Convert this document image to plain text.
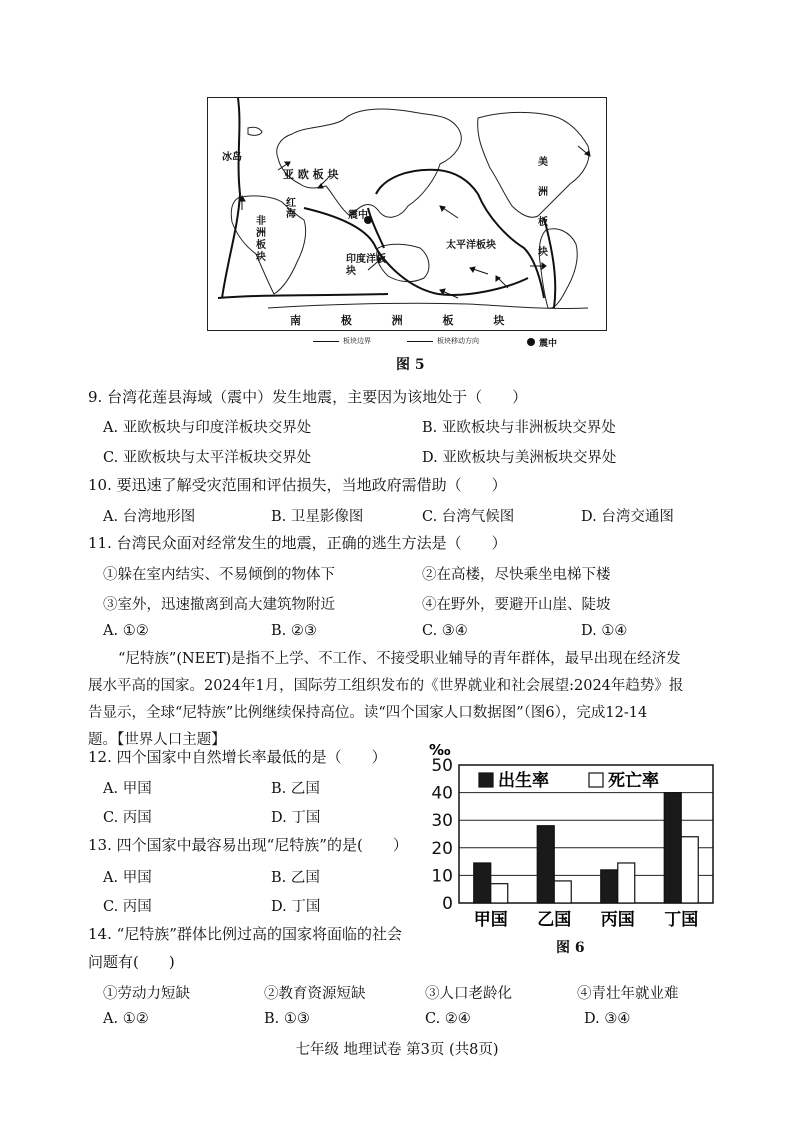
冰岛
亚 欧 板 块
红海
非洲板块
震中
太平洋板块
印度洋板块
美洲板块
南 极 洲 板 块
板块边界	板块移动方向	震中
图 5
9. 台湾花莲县海域（震中）发生地震，主要因为该地处于（　　）
A. 亚欧板块与印度洋板块交界处	B. 亚欧板块与非洲板块交界处
C. 亚欧板块与太平洋板块交界处	D. 亚欧板块与美洲板块交界处
10. 要迅速了解受灾范围和评估损失，当地政府需借助（　　）
A. 台湾地形图	B. 卫星影像图	C. 台湾气候图	D. 台湾交通图
11. 台湾民众面对经常发生的地震，正确的逃生方法是（　　）
①躲在室内结实、不易倾倒的物体下	②在高楼，尽快乘坐电梯下楼
③室外，迅速撤离到高大建筑物附近	④在野外，要避开山崖、陡坡
A. ①②	B. ②③	C. ③④	D. ①④
“尼特族”(NEET)是指不上学、不工作、不接受职业辅导的青年群体，最早出现在经济发
展水平高的国家。2024年1月，国际劳工组织发布的《世界就业和社会展望:2024年趋势》报
告显示，全球“尼特族”比例继续保持高位。读“四个国家人口数据图”（图6），完成12-14
题。【世界人口主题】
12. 四个国家中自然增长率最低的是（　　）
A. 甲国	B. 乙国
C. 丙国	D. 丁国
13. 四个国家中最容易出现“尼特族”的是(　　）
A. 甲国	B. 乙国
C. 丙国	D. 丁国
14. “尼特族”群体比例过高的国家将面临的社会
问题有(　　)
①劳动力短缺	②教育资源短缺	③人口老龄化	④青壮年就业难
A. ①②	B. ①③	C. ②④	D. ③④
‰
0
10
20
30
40
50
甲国 乙国 丙国 丁国
出生率	死亡率
图 6
七年级 地理试卷 第3页 (共8页)
